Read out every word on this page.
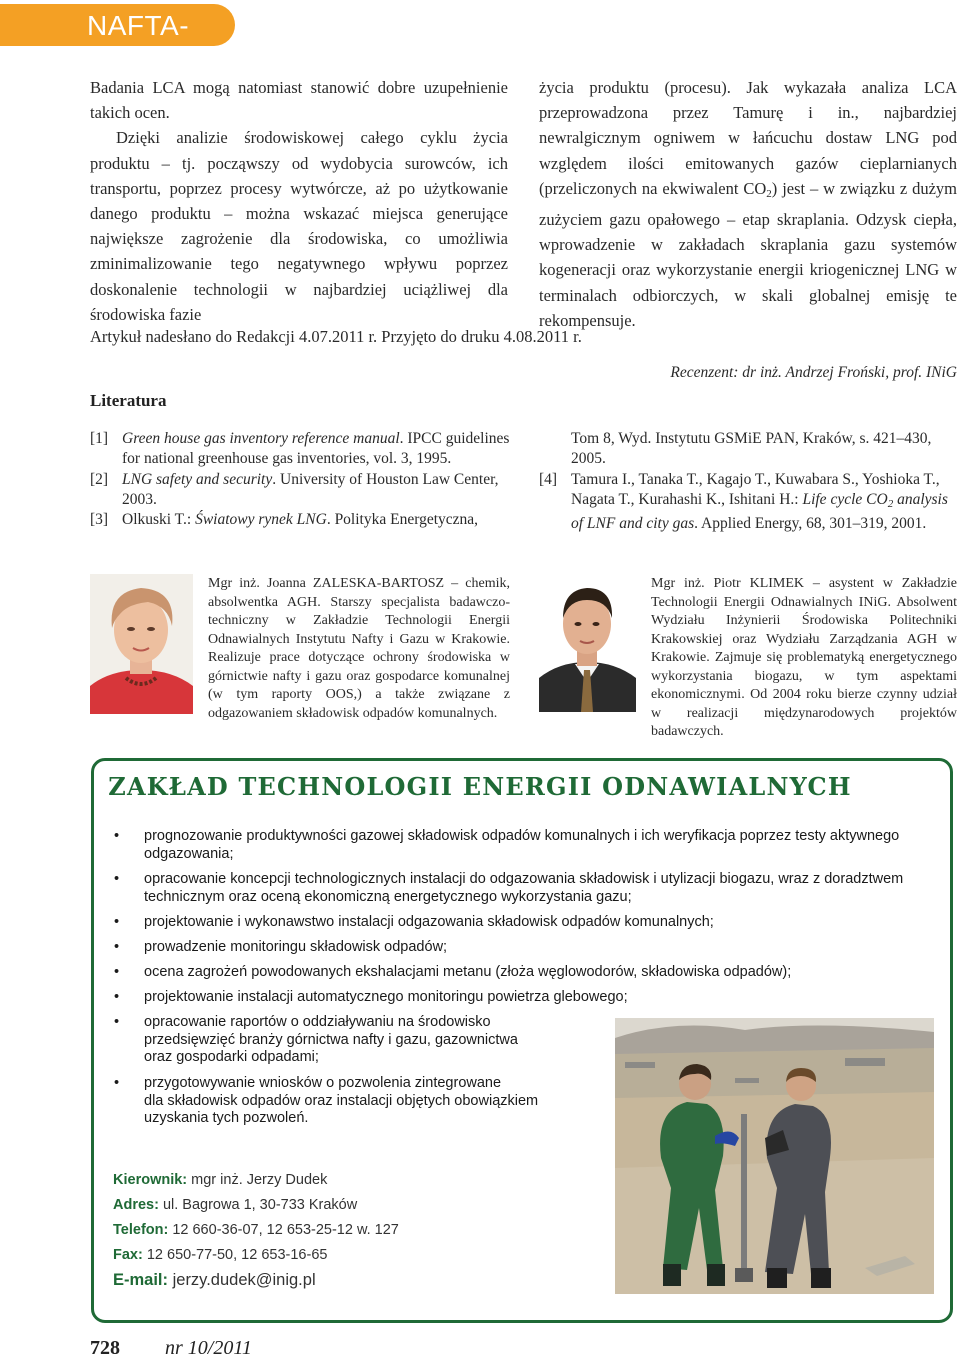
NAFTA-GAZ

Badania LCA mogą natomiast stanowić dobre uzupełnienie takich ocen.

Dzięki analizie środowiskowej całego cyklu życia produktu – tj. począwszy od wydobycia surowców, ich transportu, poprzez procesy wytwórcze, aż po użytkowanie danego produktu – można wskazać miejsca generujące największe zagrożenie dla środowiska, co umożliwia zminimalizowanie tego negatywnego wpływu poprzez doskonalenie technologii w najbardziej uciążliwej dla środowiska fazie

życia produktu (procesu). Jak wykazała analiza LCA przeprowadzona przez Tamurę i in., najbardziej newralgicznym ogniwem w łańcuchu dostaw LNG pod względem ilości emitowanych gazów cieplarnianych (przeliczonych na ekwiwalent $CO_2$) jest – w związku z dużym zużyciem gazu opałowego – etap skraplania. Odzysk ciepła, wprowadzenie w zakładach skraplania gazu systemów kogeneracji oraz wykorzystanie energii kriogenicznej LNG w terminalach odbiorczych, w skali globalnej emisję te rekompensuje.

Artykuł nadesłano do Redakcji 4.07.2011 r. Przyjęto do druku 4.08.2011 r.
Recenzent: dr inż. Andrzej Froński, prof. INiG
Literatura
[1] Green house gas inventory reference manual. IPCC guidelines for national greenhouse gas inventories, vol. 3, 1995.
[2] LNG safety and security. University of Houston Law Center, 2003.
[3] Olkuski T.: Światowy rynek LNG. Polityka Energetyczna,
Tom 8, Wyd. Instytutu GSMiE PAN, Kraków, s. 421–430, 2005.
[4] Tamura I., Tanaka T., Kagajo T., Kuwabara S., Yoshioka T., Nagata T., Kurahashi K., Ishitani H.: Life cycle $CO_2$ analysis of LNF and city gas. Applied Energy, 68, 301–319, 2001.
Mgr inż. Joanna ZALESKA-BARTOSZ – chemik, absolwentka AGH. Starszy specjalista badawczo-techniczny w Zakładzie Technologii Energii Odnawialnych Instytutu Nafty i Gazu w Krakowie. Realizuje prace dotyczące ochrony środowiska w górnictwie nafty i gazu oraz gospodarce komunalnej (w tym raporty OOS,) a także związane z odgazowaniem składowisk odpadów komunalnych.
Mgr inż. Piotr KLIMEK – asystent w Zakładzie Technologii Energii Odnawialnych INiG. Absolwent Wydziału Inżynierii Środowiska Politechniki Krakowskiej oraz Wydziału Zarządzania AGH w Krakowie. Zajmuje się problematyką energetycznego wykorzystania biogazu, w tym aspektami ekonomicznymi. Od 2004 roku bierze czynny udział w realizacji międzynarodowych projektów badawczych.
ZAKŁAD TECHNOLOGII ENERGII ODNAWIALNYCH
• prognozowanie produktywności gazowej składowisk odpadów komunalnych i ich weryfikacja poprzez testy aktywnego
odgazowania;
• opracowanie koncepcji technologicznych instalacji do odgazowania składowisk i utylizacji biogazu, wraz z doradztwem
technicznym oraz oceną ekonomiczną energetycznego wykorzystania gazu;
• projektowanie i wykonawstwo instalacji odgazowania składowisk odpadów komunalnych;
• prowadzenie monitoringu składowisk odpadów;
• ocena zagrożeń powodowanych ekshalacjami metanu (złoża węglowodorów, składowiska odpadów);
• projektowanie instalacji automatycznego monitoringu powietrza glebowego;
• opracowanie raportów o oddziaływaniu na środowisko
przedsięwzięć branży górnictwa nafty i gazu, gazownictwa
oraz gospodarki odpadami;
• przygotowywanie wniosków o pozwolenia zintegrowane
dla składowisk odpadów oraz instalacji objętych obowiązkiem
uzyskania tych pozwoleń.
Kierownik: mgr inż. Jerzy Dudek
Adres: ul. Bagrowa 1, 30-733 Kraków
Telefon: 12 660-36-07, 12 653-25-12 w. 127
Fax: 12 650-77-50, 12 653-16-65
E-mail: jerzy.dudek@inig.pl
728 nr 10/2011
